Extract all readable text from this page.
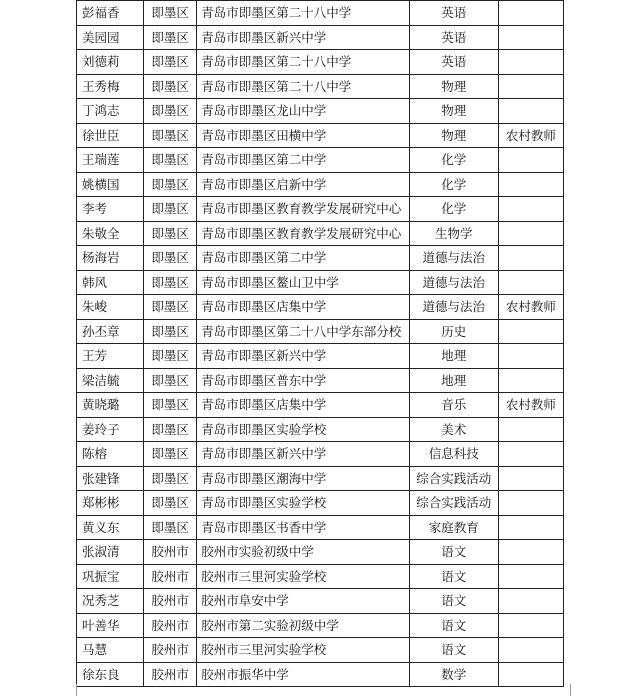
彭福香	即墨区	青岛市即墨区第二十八中学	英语	
美园园	即墨区	青岛市即墨区新兴中学	英语	
刘德莉	即墨区	青岛市即墨区第二十八中学	英语	
王秀梅	即墨区	青岛市即墨区第二十八中学	物理	
丁鸿志	即墨区	青岛市即墨区龙山中学	物理	
徐世臣	即墨区	青岛市即墨区田横中学	物理	农村教师
王瑞莲	即墨区	青岛市即墨区第二中学	化学	
姚横国	即墨区	青岛市即墨区启新中学	化学	
李考	即墨区	青岛市即墨区教育教学发展研究中心	化学	
朱敬全	即墨区	青岛市即墨区教育教学发展研究中心	生物学	
杨海岩	即墨区	青岛市即墨区第二中学	道德与法治	
韩风	即墨区	青岛市即墨区鳌山卫中学	道德与法治	
朱峻	即墨区	青岛市即墨区店集中学	道德与法治	农村教师
孙丕章	即墨区	青岛市即墨区第二十八中学东部分校	历史	
王芳	即墨区	青岛市即墨区新兴中学	地理	
梁洁毓	即墨区	青岛市即墨区普东中学	地理	
黄晓璐	即墨区	青岛市即墨区店集中学	音乐	农村教师
姜玲子	即墨区	青岛市即墨区实验学校	美术	
陈榕	即墨区	青岛市即墨区新兴中学	信息科技	
张建锋	即墨区	青岛市即墨区潮海中学	综合实践活动	
郑彬彬	即墨区	青岛市即墨区实验学校	综合实践活动	
黄义东	即墨区	青岛市即墨区书香中学	家庭教育	
张淑清	胶州市	胶州市实验初级中学	语文	
巩振宝	胶州市	胶州市三里河实验学校	语文	
况秀芝	胶州市	胶州市阜安中学	语文	
叶善华	胶州市	胶州市第二实验初级中学	语文	
马慧	胶州市	胶州市三里河实验学校	语文	
徐东良	胶州市	胶州市振华中学	数学	
